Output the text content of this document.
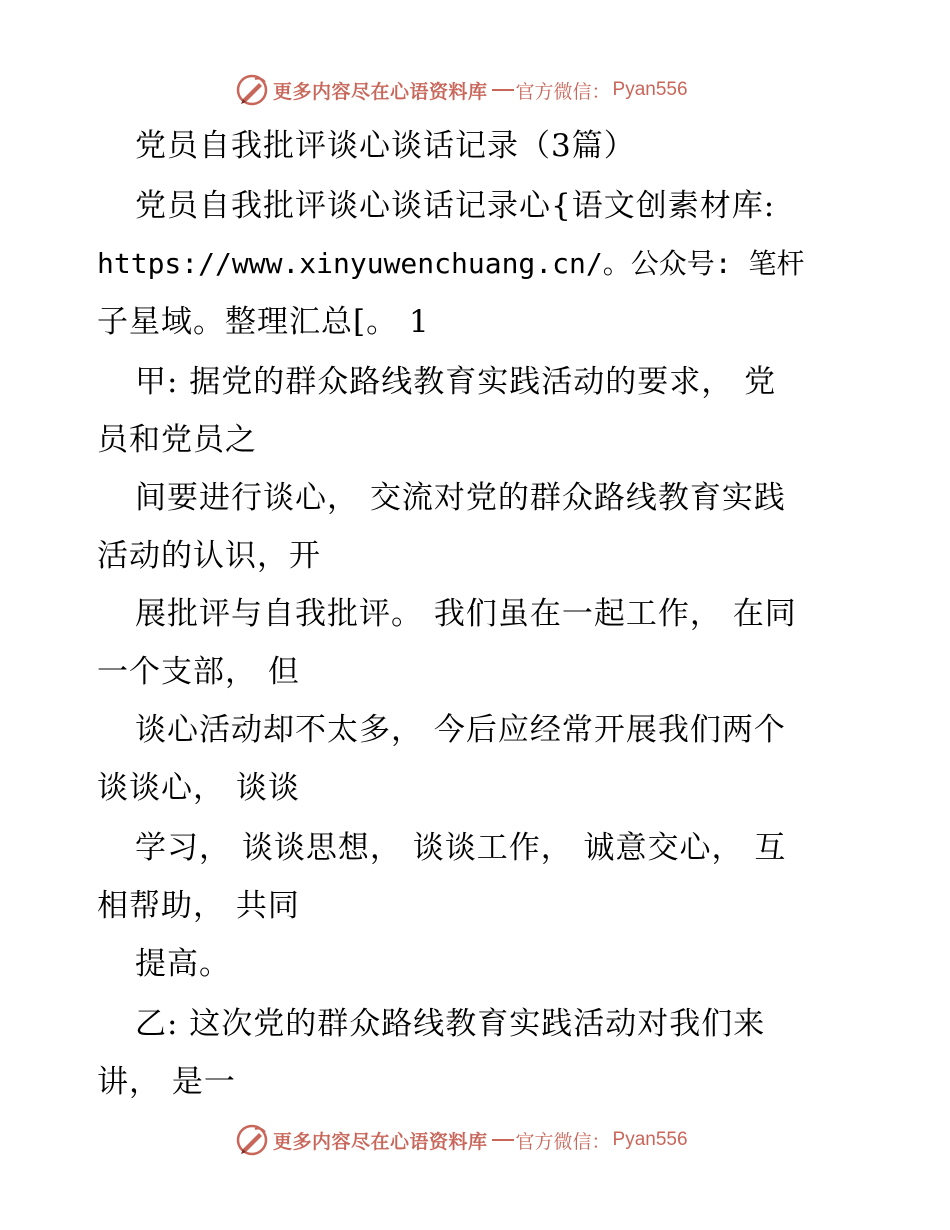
更多内容尽在心语资料库 官方微信： Pyan556
党员自我批评谈心谈话记录（3篇）
党员自我批评谈心谈话记录心{语文创素材库:
https://www.xinyuwenchuang.cn/。公众号: 笔杆
子星域。整理汇总[。 1
甲: 据党的群众路线教育实践活动的要求， 党
员和党员之
间要进行谈心， 交流对党的群众路线教育实践
活动的认识，开
展批评与自我批评。 我们虽在一起工作， 在同
一个支部， 但
谈心活动却不太多， 今后应经常开展我们两个
谈谈心， 谈谈
学习， 谈谈思想， 谈谈工作， 诚意交心， 互
相帮助， 共同
提高。
乙: 这次党的群众路线教育实践活动对我们来
讲， 是一
更多内容尽在心语资料库 官方微信： Pyan556
